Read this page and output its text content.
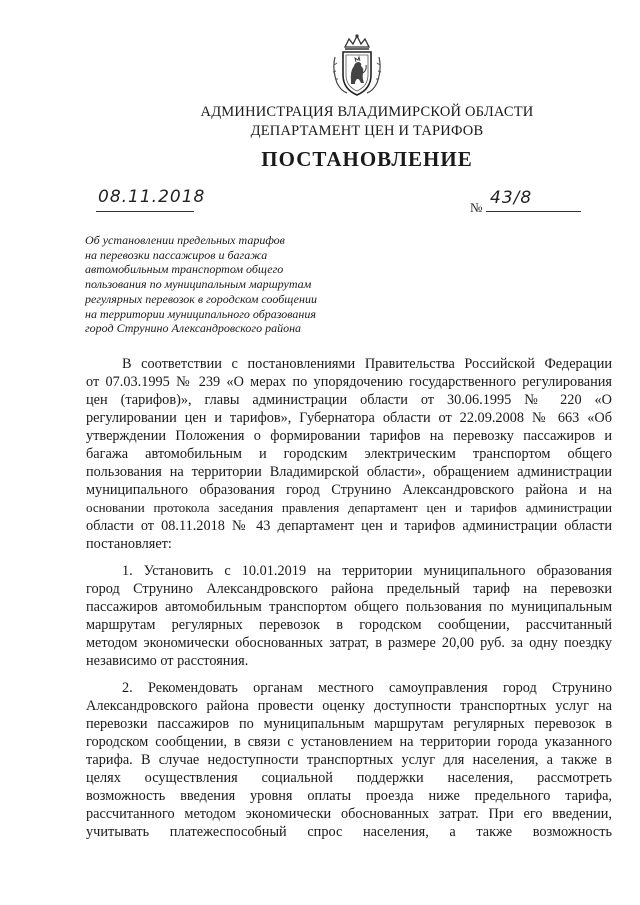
АДМИНИСТРАЦИЯ ВЛАДИМИРСКОЙ ОБЛАСТИ
ДЕПАРТАМЕНТ ЦЕН И ТАРИФОВ
ПОСТАНОВЛЕНИЕ
08.11.2018
№ 43/8
Об установлении предельных тарифов
на перевозки пассажиров и багажа
автомобильным транспортом общего
пользования по муниципальным маршрутам
регулярных перевозок в городском сообщении
на территории муниципального образования
город Струнино Александровского района
В соответствии с постановлениями Правительства Российской Федерации
от 07.03.1995 № 239 «О мерах по упорядочению государственного регулирования
цен (тарифов)», главы администрации области от 30.06.1995 № 220 «О
регулировании цен и тарифов», Губернатора области от 22.09.2008 № 663 «Об
утверждении Положения о формировании тарифов на перевозку пассажиров и
багажа автомобильным и городским электрическим транспортом общего
пользования на территории Владимирской области», обращением администрации
муниципального образования город Струнино Александровского района и на
основании протокола заседания правления департамент цен и тарифов администрации
области от 08.11.2018 № 43 департамент цен и тарифов администрации области
постановляет:
1. Установить с 10.01.2019 на территории муниципального образования
город Струнино Александровского района предельный тариф на перевозки
пассажиров автомобильным транспортом общего пользования по муниципальным
маршрутам регулярных перевозок в городском сообщении, рассчитанный
методом экономически обоснованных затрат, в размере 20,00 руб. за одну поездку
независимо от расстояния.
2. Рекомендовать органам местного самоуправления город Струнино
Александровского района провести оценку доступности транспортных услуг на
перевозки пассажиров по муниципальным маршрутам регулярных перевозок в
городском сообщении, в связи с установлением на территории города указанного
тарифа. В случае недоступности транспортных услуг для населения, а также в
целях осуществления социальной поддержки населения, рассмотреть
возможность введения уровня оплаты проезда ниже предельного тарифа,
рассчитанного методом экономически обоснованных затрат. При его введении,
учитывать платежеспособный спрос населения, а также возможность
